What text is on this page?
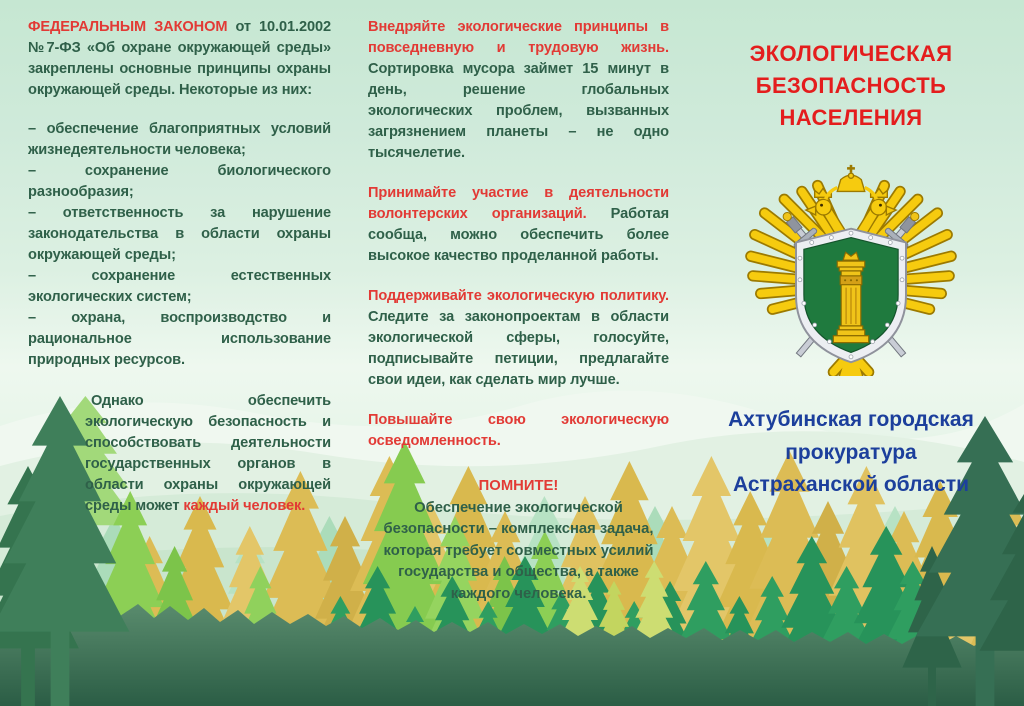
ФЕДЕРАЛЬНЫМ ЗАКОНОМ от 10.01.2002 №7-ФЗ «Об охране окружающей среды» закреплены основные принципы охраны окружающей среды. Некоторые из них:

– обеспечение благоприятных условий жизнедеятельности человека;

– сохранение биологического разнообразия;

– ответственность за нарушение законодательства в области охраны окружающей среды;

– сохранение естественных экологических систем;

– охрана, воспроизводство и рациональное использование природных ресурсов.

Однако обеспечить экологическую безопасность и способствовать деятельности государственных органов в области охраны окружающей среды может каждый человек.

Внедряйте экологические принципы в повседневную и трудовую жизнь. Сортировка мусора займет 15 минут в день, решение глобальных экологических проблем, вызванных загрязнением планеты – не одно тысячелетие.

Принимайте участие в деятельности волонтерских организаций. Работая сообща, можно обеспечить более высокое качество проделанной работы.

Поддерживайте экологическую политику. Следите за законопроектам в области экологической сферы, голосуйте, подписывайте петиции, предлагайте свои идеи, как сделать мир лучше.

Повышайте свою экологическую осведомленность.

ПОМНИТЕ!
Обеспечение экологической безопасности – комплексная задача, которая требует совместных усилий государства и общества, а также каждого человека.
ЭКОЛОГИЧЕСКАЯ
БЕЗОПАСНОСТЬ
НАСЕЛЕНИЯ
Ахтубинская городская
прокуратура
Астраханской области
